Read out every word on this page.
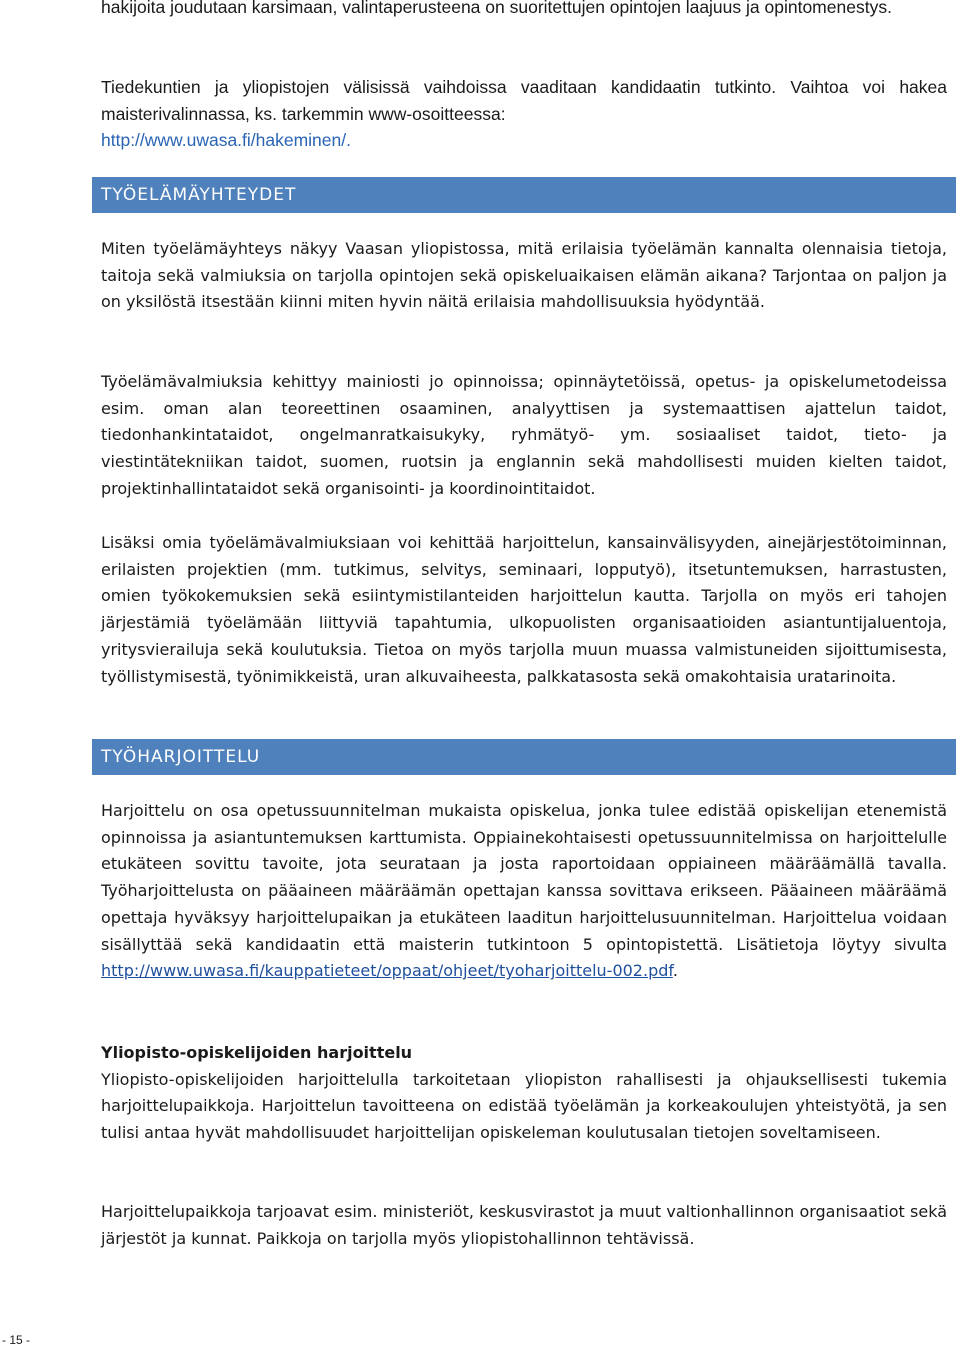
hakijoita joudutaan karsimaan, valintaperusteena on suoritettujen opintojen laajuus ja opintomenestys.

Tiedekuntien ja yliopistojen välisissä vaihdoissa vaaditaan kandidaatin tutkinto. Vaihtoa voi hakea maisterivalinnassa, ks. tarkemmin www-osoitteessa:
http://www.uwasa.fi/hakeminen/.

Miten työelämäyhteys näkyy Vaasan yliopistossa, mitä erilaisia työelämän kannalta olennaisia tietoja, taitoja sekä valmiuksia on tarjolla opintojen sekä opiskeluaikaisen elämän aikana? Tarjontaa on paljon ja on yksilöstä itsestään kiinni miten hyvin näitä erilaisia mahdollisuuksia hyödyntää.

Työelämävalmiuksia kehittyy mainiosti jo opinnoissa; opinnäytetöissä, opetus- ja opiskelumetodeissa esim. oman alan teoreettinen osaaminen, analyyttisen ja systemaattisen ajattelun taidot, tiedonhankintataidot, ongelmanratkaisukyky, ryhmätyö- ym. sosiaaliset taidot, tieto- ja viestintätekniikan taidot, suomen, ruotsin ja englannin sekä mahdollisesti muiden kielten taidot, projektinhallintataidot sekä organisointi- ja koordinointitaidot.

Lisäksi omia työelämävalmiuksiaan voi kehittää harjoittelun, kansainvälisyyden, ainejärjestötoiminnan, erilaisten projektien (mm. tutkimus, selvitys, seminaari, lopputyö), itsetuntemuksen, harrastusten, omien työkokemuksien sekä esiintymistilanteiden harjoittelun kautta. Tarjolla on myös eri tahojen järjestämiä työelämään liittyviä tapahtumia, ulkopuolisten organisaatioiden asiantuntijaluentoja, yritysvierailuja sekä koulutuksia. Tietoa on myös tarjolla muun muassa valmistuneiden sijoittumisesta, työllistymisestä, työnimikkeistä, uran alkuvaiheesta, palkkatasosta sekä omakohtaisia uratarinoita.

Harjoittelu on osa opetussuunnitelman mukaista opiskelua, jonka tulee edistää opiskelijan etenemistä opinnoissa ja asiantuntemuksen karttumista. Oppiainekohtaisesti opetussuunnitelmissa on harjoittelulle etukäteen sovittu tavoite, jota seurataan ja josta raportoidaan oppiaineen määräämällä tavalla. Työharjoittelusta on pääaineen määräämän opettajan kanssa sovittava erikseen. Pääaineen määräämä opettaja hyväksyy harjoittelupaikan ja etukäteen laaditun harjoittelusuunnitelman. Harjoittelua voidaan sisällyttää sekä kandidaatin että maisterin tutkintoon 5 opintopistettä. Lisätietoja löytyy sivulta http://www.uwasa.fi/kauppatieteet/oppaat/ohjeet/tyoharjoittelu-002.pdf.

Yliopisto-opiskelijoiden harjoittelu

Yliopisto-opiskelijoiden harjoittelulla tarkoitetaan yliopiston rahallisesti ja ohjauksellisesti tukemia harjoittelupaikkoja. Harjoittelun tavoitteena on edistää työelämän ja korkeakoulujen yhteistyötä, ja sen tulisi antaa hyvät mahdollisuudet harjoittelijan opiskeleman koulutusalan tietojen soveltamiseen.

Harjoittelupaikkoja tarjoavat esim. ministeriöt, keskusvirastot ja muut valtionhallinnon organisaatiot sekä järjestöt ja kunnat. Paikkoja on tarjolla myös yliopistohallinnon tehtävissä.

TYÖELÄMÄYHTEYDET
TYÖHARJOITTELU
- 15 -
